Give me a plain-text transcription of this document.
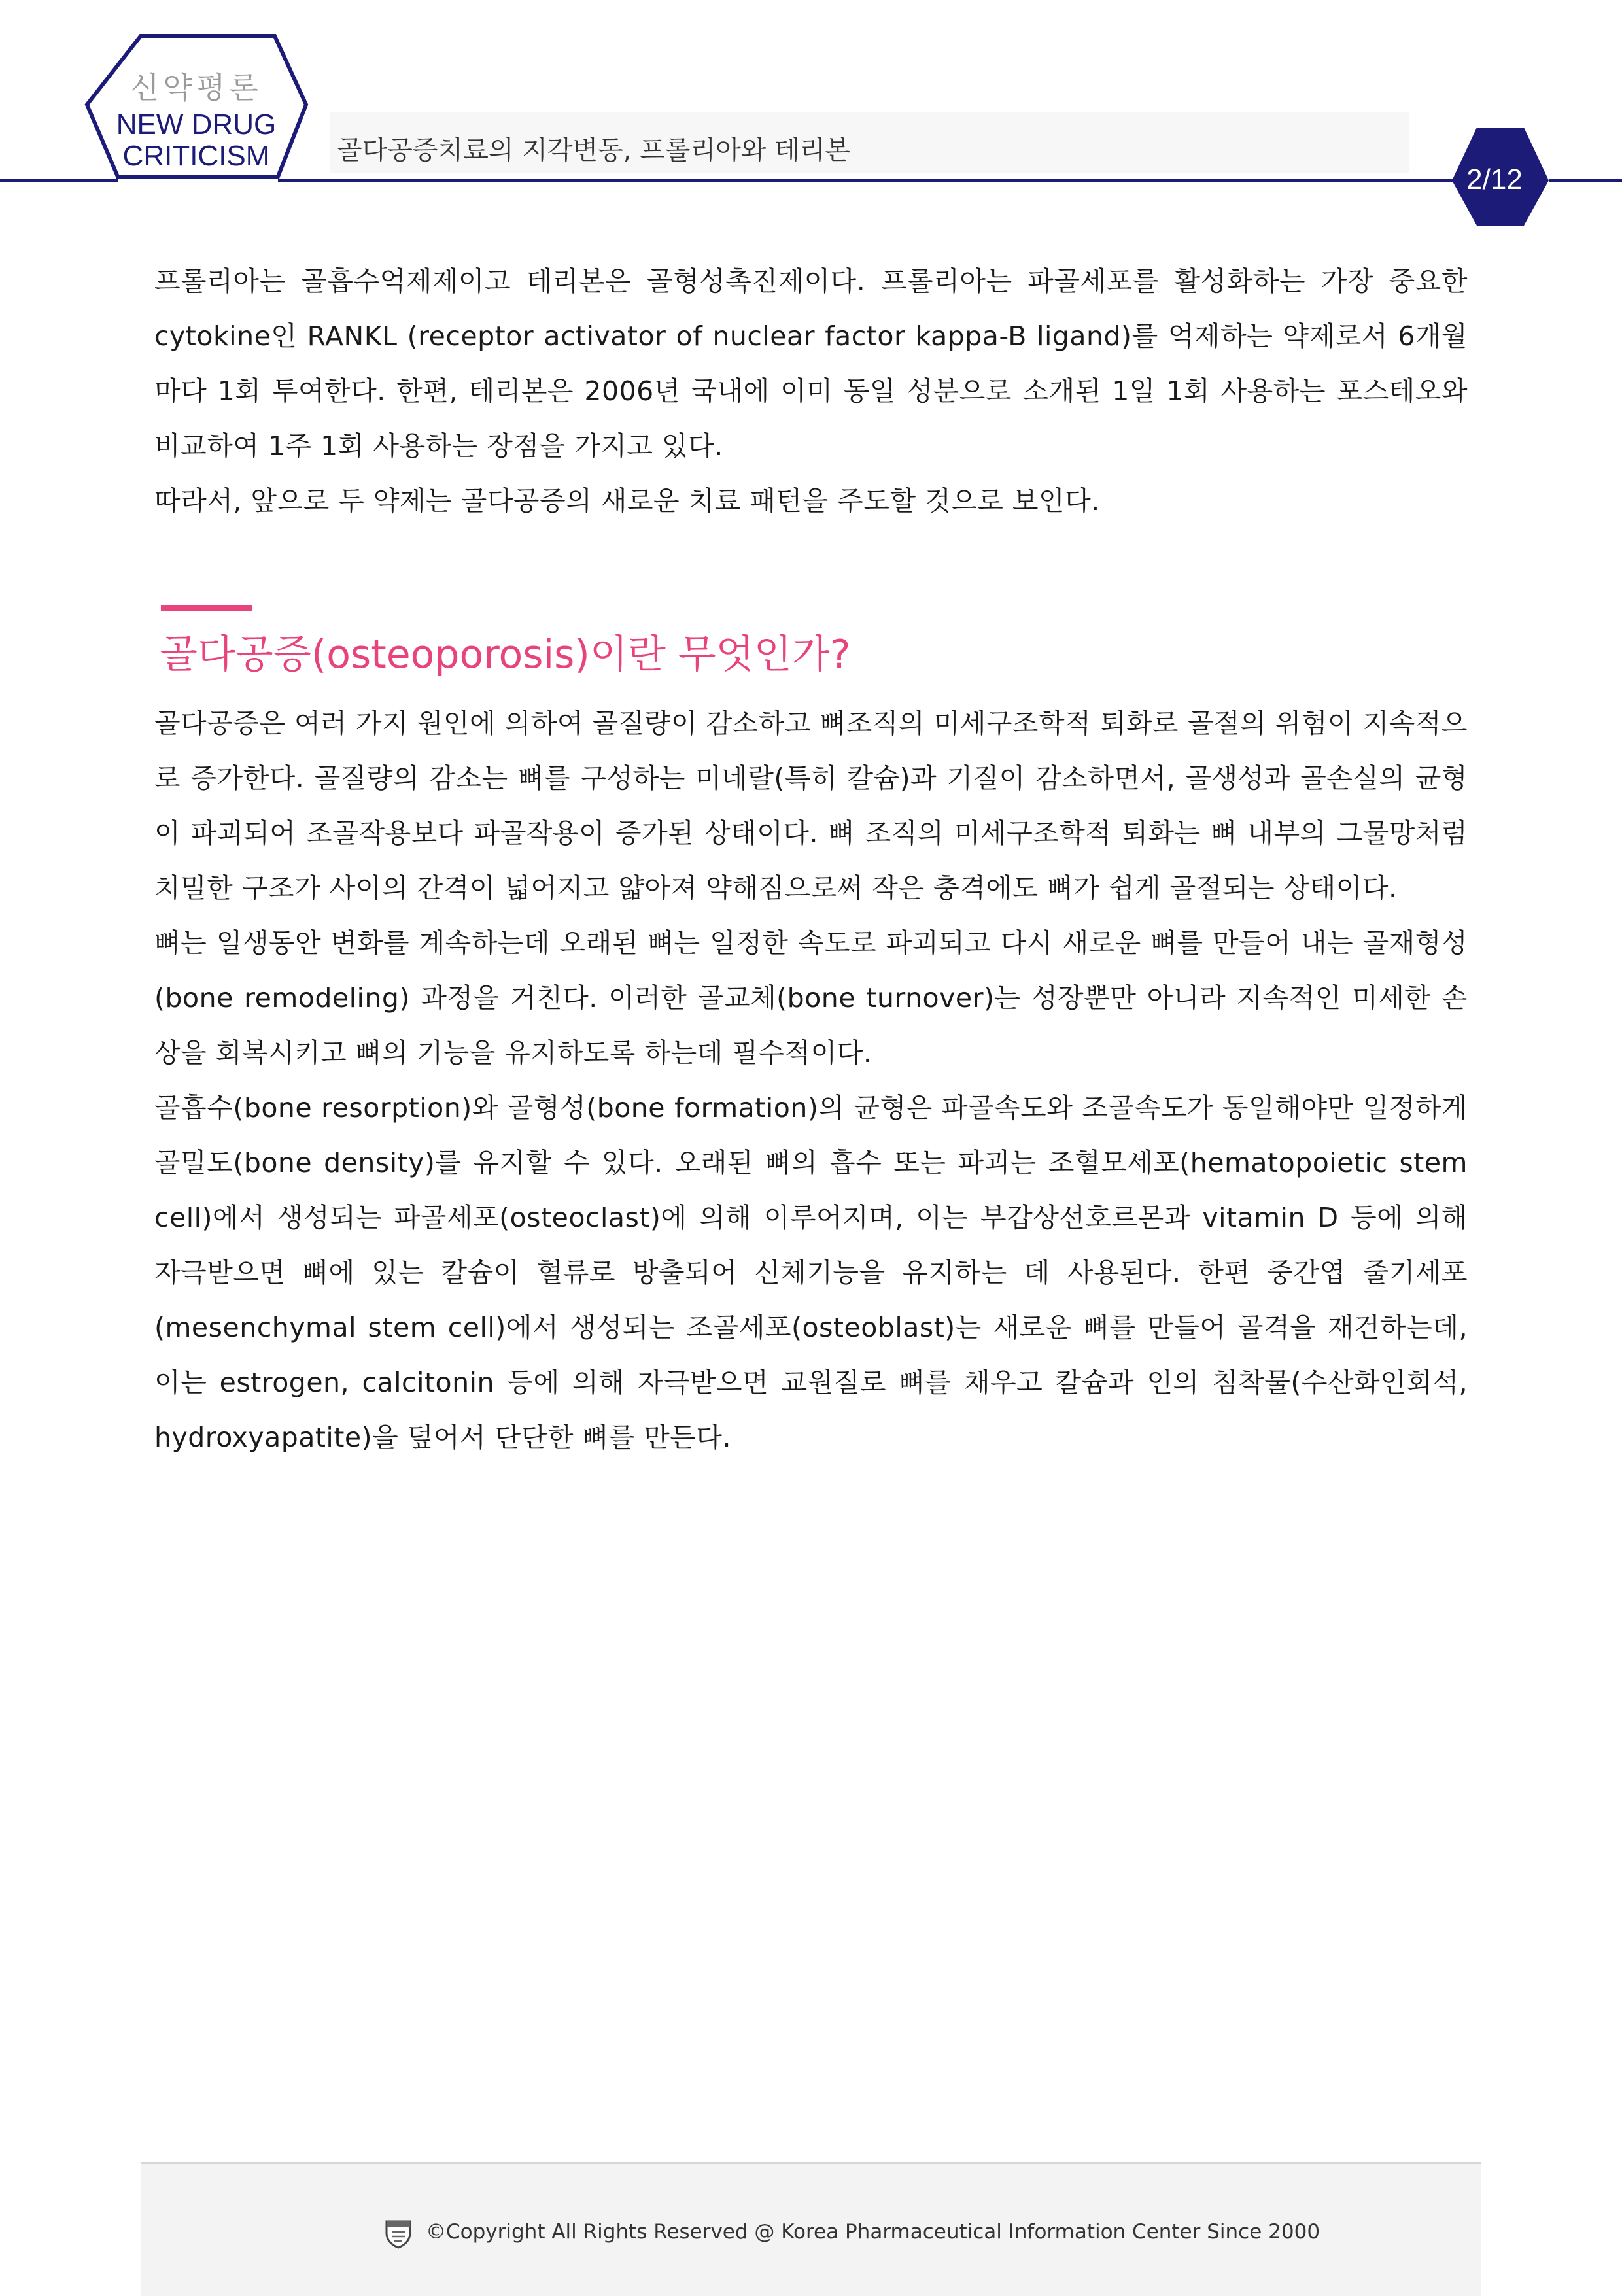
신약평론
NEW DRUG
CRITICISM	골다공증치료의 지각변동, 프롤리아와 테리본
2/12

프롤리아는 골흡수억제제이고 테리본은 골형성촉진제이다. 프롤리아는 파골세포를 활성화하는 가장 중요한 cytokine인 RANKL (receptor activator of nuclear factor kappa-B ligand)를 억제하는 약제로서 6개월마다 1회 투여한다. 한편, 테리본은 2006년 국내에 이미 동일 성분으로 소개된 1일 1회 사용하는 포스테오와 비교하여 1주 1회 사용하는 장점을 가지고 있다.

따라서, 앞으로 두 약제는 골다공증의 새로운 치료 패턴을 주도할 것으로 보인다.

골다공증(osteoporosis)이란 무엇인가?

골다공증은 여러 가지 원인에 의하여 골질량이 감소하고 뼈조직의 미세구조학적 퇴화로 골절의 위험이 지속적으로 증가한다. 골질량의 감소는 뼈를 구성하는 미네랄(특히 칼슘)과 기질이 감소하면서, 골생성과 골손실의 균형이 파괴되어 조골작용보다 파골작용이 증가된 상태이다. 뼈 조직의 미세구조학적 퇴화는 뼈 내부의 그물망처럼 치밀한 구조가 사이의 간격이 넓어지고 얇아져 약해짐으로써 작은 충격에도 뼈가 쉽게 골절되는 상태이다.

뼈는 일생동안 변화를 계속하는데 오래된 뼈는 일정한 속도로 파괴되고 다시 새로운 뼈를 만들어 내는 골재형성(bone remodeling) 과정을 거친다. 이러한 골교체(bone turnover)는 성장뿐만 아니라 지속적인 미세한 손상을 회복시키고 뼈의 기능을 유지하도록 하는데 필수적이다.

골흡수(bone resorption)와 골형성(bone formation)의 균형은 파골속도와 조골속도가 동일해야만 일정하게 골밀도(bone density)를 유지할 수 있다. 오래된 뼈의 흡수 또는 파괴는 조혈모세포(hematopoietic stem cell)에서 생성되는 파골세포(osteoclast)에 의해 이루어지며, 이는 부갑상선호르몬과 vitamin D 등에 의해 자극받으면 뼈에 있는 칼슘이 혈류로 방출되어 신체기능을 유지하는 데 사용된다. 한편 중간엽 줄기세포(mesenchymal stem cell)에서 생성되는 조골세포(osteoblast)는 새로운 뼈를 만들어 골격을 재건하는데, 이는 estrogen, calcitonin 등에 의해 자극받으면 교원질로 뼈를 채우고 칼슘과 인의 침착물(수산화인회석, hydroxyapatite)을 덮어서 단단한 뼈를 만든다.

©Copyright All Rights Reserved @ Korea Pharmaceutical Information Center Since 2000
